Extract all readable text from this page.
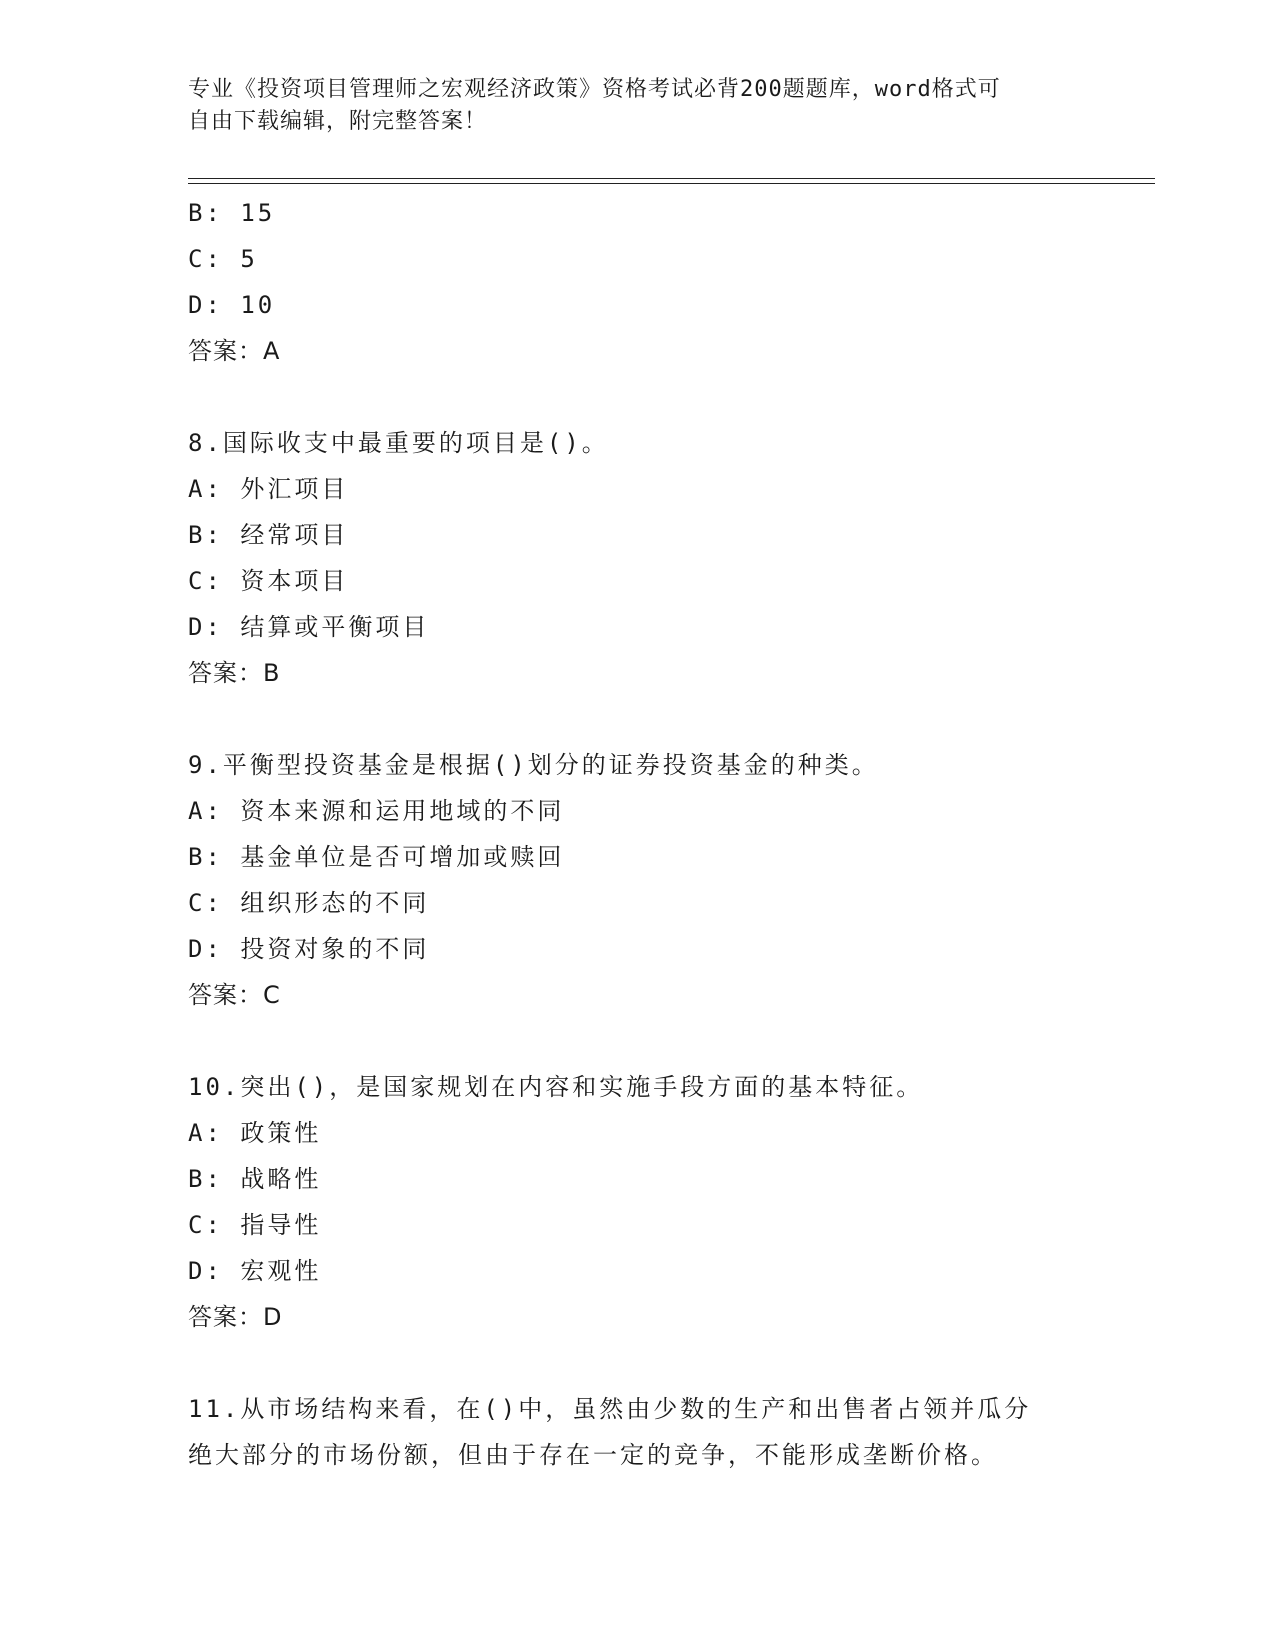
专业《投资项目管理师之宏观经济政策》资格考试必背200题题库，word格式可
自由下载编辑，附完整答案！
B: 15
C: 5
D: 10
答案：A
8.国际收支中最重要的项目是()。
A: 外汇项目
B: 经常项目
C: 资本项目
D: 结算或平衡项目
答案：B
9.平衡型投资基金是根据()划分的证券投资基金的种类。
A: 资本来源和运用地域的不同
B: 基金单位是否可增加或赎回
C: 组织形态的不同
D: 投资对象的不同
答案：C
10.突出()，是国家规划在内容和实施手段方面的基本特征。
A: 政策性
B: 战略性
C: 指导性
D: 宏观性
答案：D
11.从市场结构来看，在()中，虽然由少数的生产和出售者占领并瓜分
绝大部分的市场份额，但由于存在一定的竞争，不能形成垄断价格。
